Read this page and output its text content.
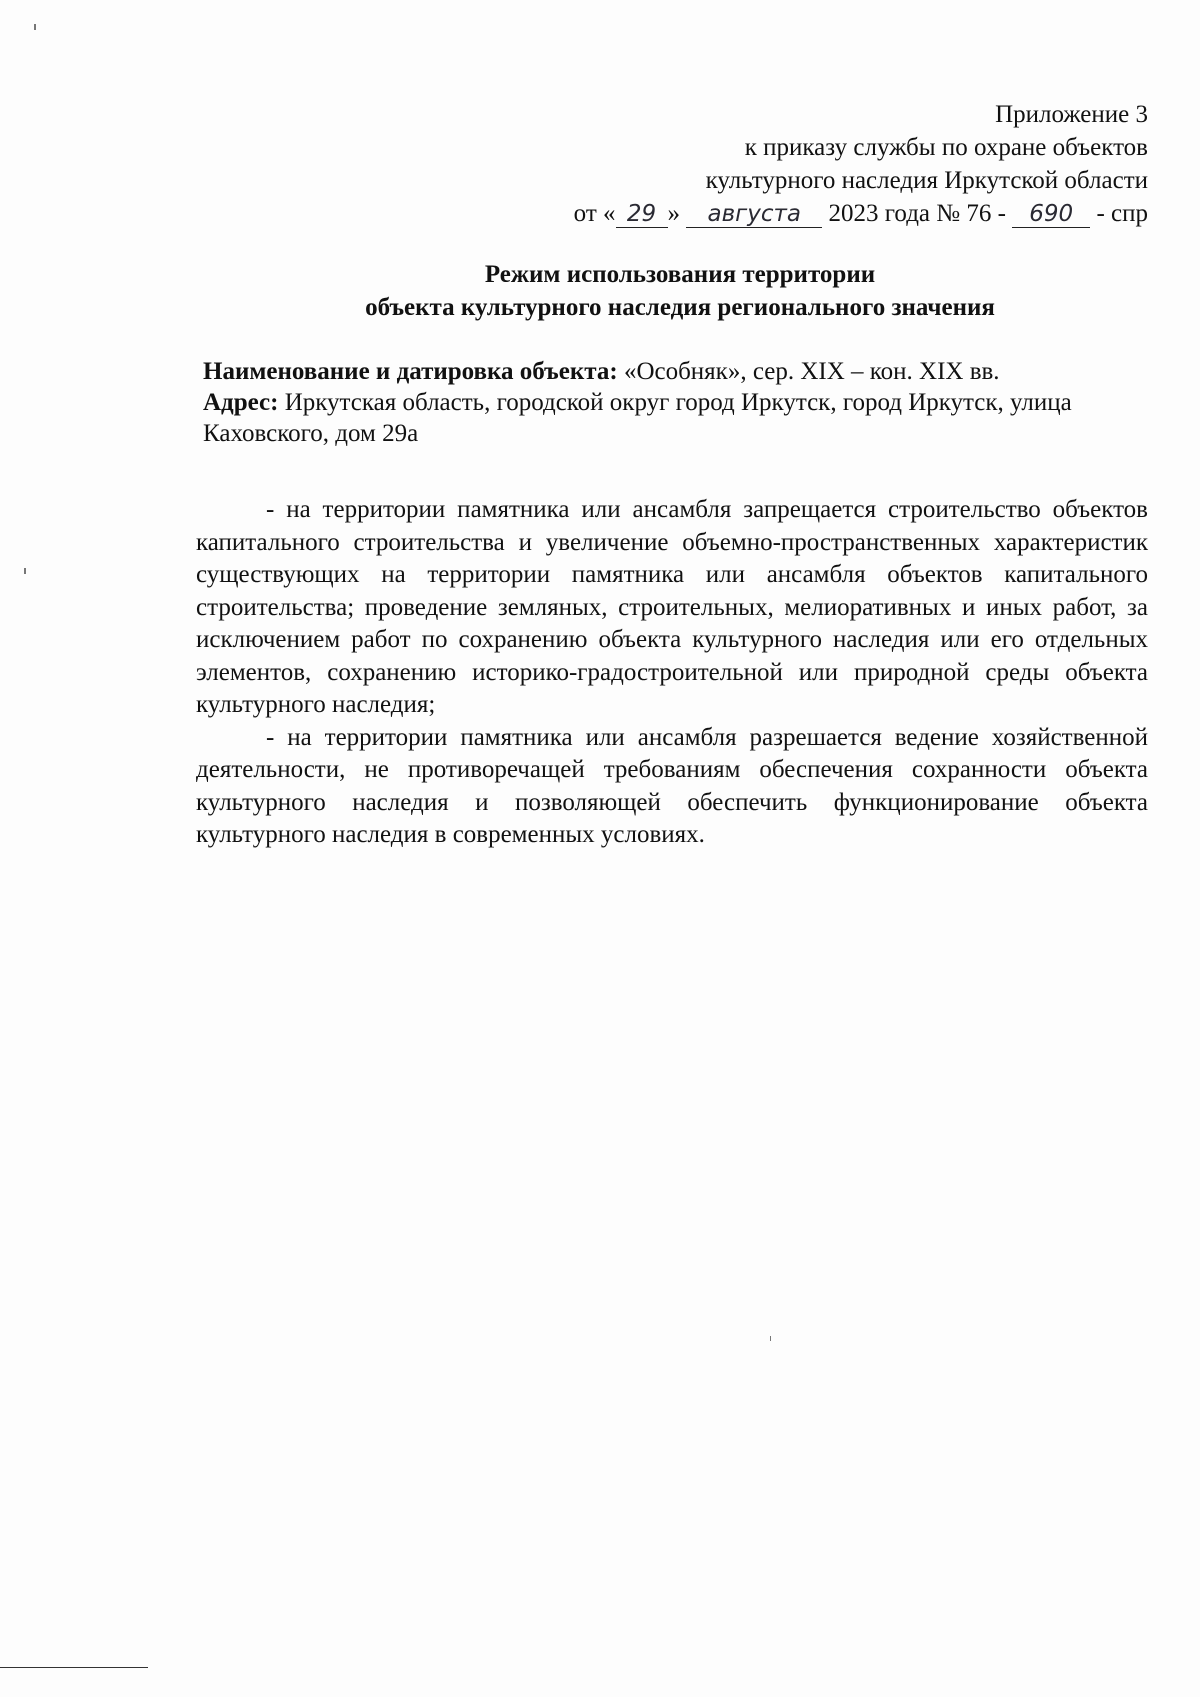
Приложение 3
к приказу службы по охране объектов
культурного наследия Иркутской области
от « 29 » августа 2023 года № 76 - 690 - спр
Режим использования территории
объекта культурного наследия регионального значения
Наименование и датировка объекта: «Особняк», сер. XIX – кон. XIX вв.
Адрес: Иркутская область, городской округ город Иркутск, город Иркутск, улица Каховского, дом 29а

- на территории памятника или ансамбля запрещается строительство объектов капитального строительства и увеличение объемно-пространственных характеристик существующих на территории памятника или ансамбля объектов капитального строительства; проведение земляных, строительных, мелиоративных и иных работ, за исключением работ по сохранению объекта культурного наследия или его отдельных элементов, сохранению историко-градостроительной или природной среды объекта культурного наследия;

- на территории памятника или ансамбля разрешается ведение хозяйственной деятельности, не противоречащей требованиям обеспечения сохранности объекта культурного наследия и позволяющей обеспечить функционирование объекта культурного наследия в современных условиях.
